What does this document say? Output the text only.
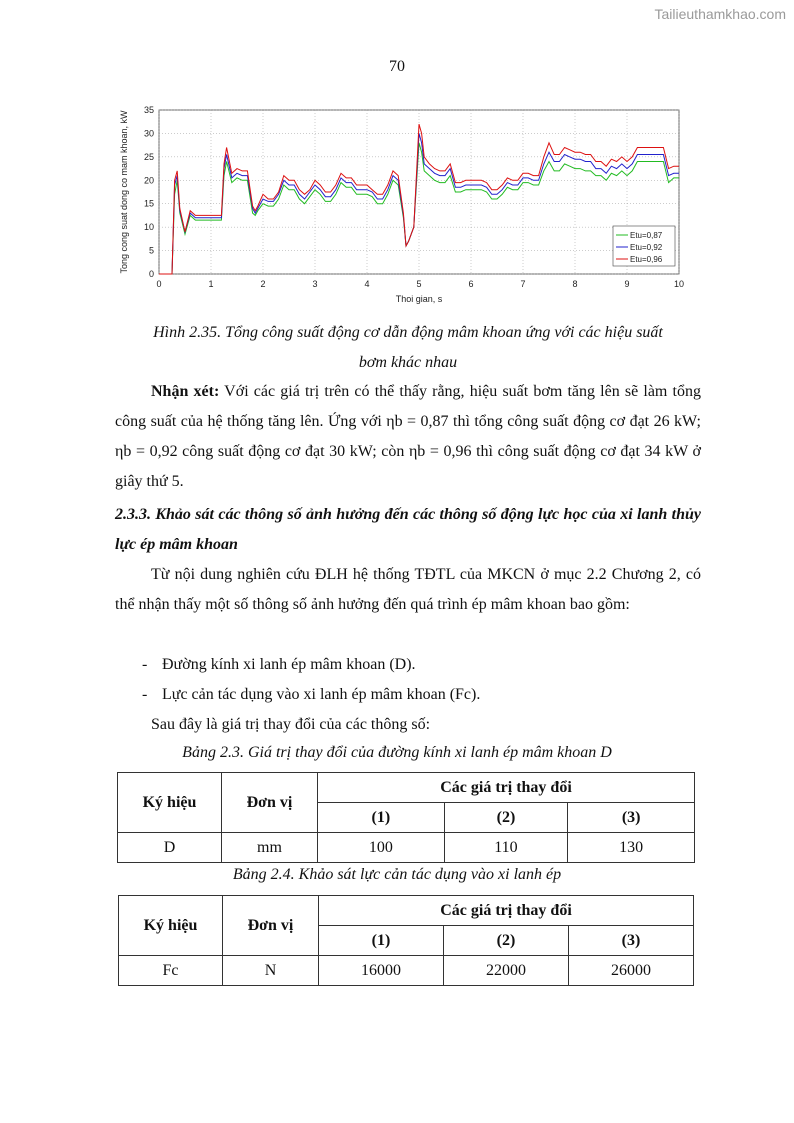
Tailieuthamkhao.com
70
0	1	2	3	4	5	6	7	8	9	10
0
5
10
15
20
25
30
35
Thoi gian, s
Tong cong suat dong co mam khoan, kW	Etu=0,87
Etu=0,92
Etu=0,96
Hình 2.35. Tổng công suất động cơ dẫn động mâm khoan ứng với các hiệu suất
bơm khác nhau
Nhận xét: Với các giá trị trên có thể thấy rằng, hiệu suất bơm tăng lên sẽ làm tổng công suất của hệ thống tăng lên. Ứng với ηb = 0,87 thì tổng công suất động cơ đạt 26 kW; ηb = 0,92 công suất động cơ đạt 30 kW; còn ηb = 0,96 thì công suất động cơ đạt 34 kW ở giây thứ 5.
2.3.3. Khảo sát các thông số ảnh hưởng đến các thông số động lực học của xi lanh thủy lực ép mâm khoan
Từ nội dung nghiên cứu ĐLH hệ thống TĐTL của MKCN ở mục 2.2 Chương 2, có thể nhận thấy một số thông số ảnh hưởng đến quá trình ép mâm khoan bao gồm:
- Đường kính xi lanh ép mâm khoan (D).
- Lực cản tác dụng vào xi lanh ép mâm khoan (Fc).
Sau đây là giá trị thay đổi của các thông số:
Bảng 2.3. Giá trị thay đổi của đường kính xi lanh ép mâm khoan D
Ký hiệu	Đơn vị	Các giá trị thay đổi		
		(1)	(2)	(3)
D	mm	100	110	130
Bảng 2.4. Khảo sát lực cản tác dụng vào xi lanh ép
Ký hiệu	Đơn vị	Các giá trị thay đổi		
		(1)	(2)	(3)
Fc	N	16000	22000	26000
